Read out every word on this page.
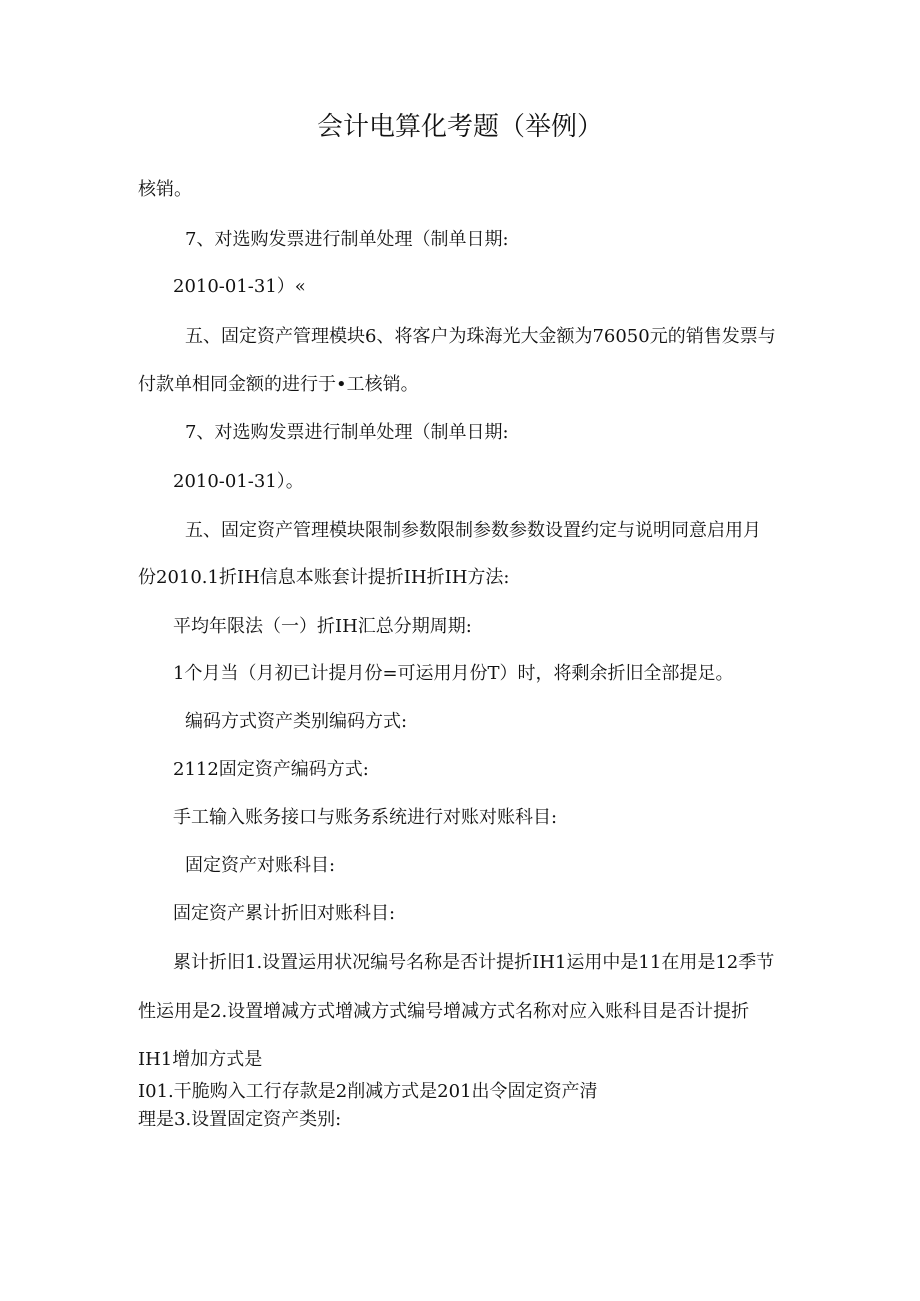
会计电算化考题（举例）
核销。
7、对选购发票进行制单处理（制单日期:
2010-01-31）«
五、固定资产管理模块6、将客户为珠海光大金额为76050元的销售发票与
付款单相同金额的进行于•工核销。
7、对选购发票进行制单处理（制单日期:
2010-01-31）。
五、固定资产管理模块限制参数限制参数参数设置约定与说明同意启用月
份2010.1折IH信息本账套计提折IH折IH方法:
平均年限法（一）折IH汇总分期周期:
1个月当（月初已计提月份=可运用月份T）时，将剩余折旧全部提足。
编码方式资产类别编码方式:
2112固定资产编码方式:
手工输入账务接口与账务系统进行对账对账科目:
固定资产对账科目:
固定资产累计折旧对账科目:
累计折旧1.设置运用状况编号名称是否计提折IH1运用中是11在用是12季节
性运用是2.设置增减方式增减方式编号增减方式名称对应入账科目是否计提折
IH1增加方式是
I01.干脆购入工行存款是2削减方式是201出令固定资产清
理是3.设置固定资产类别:
